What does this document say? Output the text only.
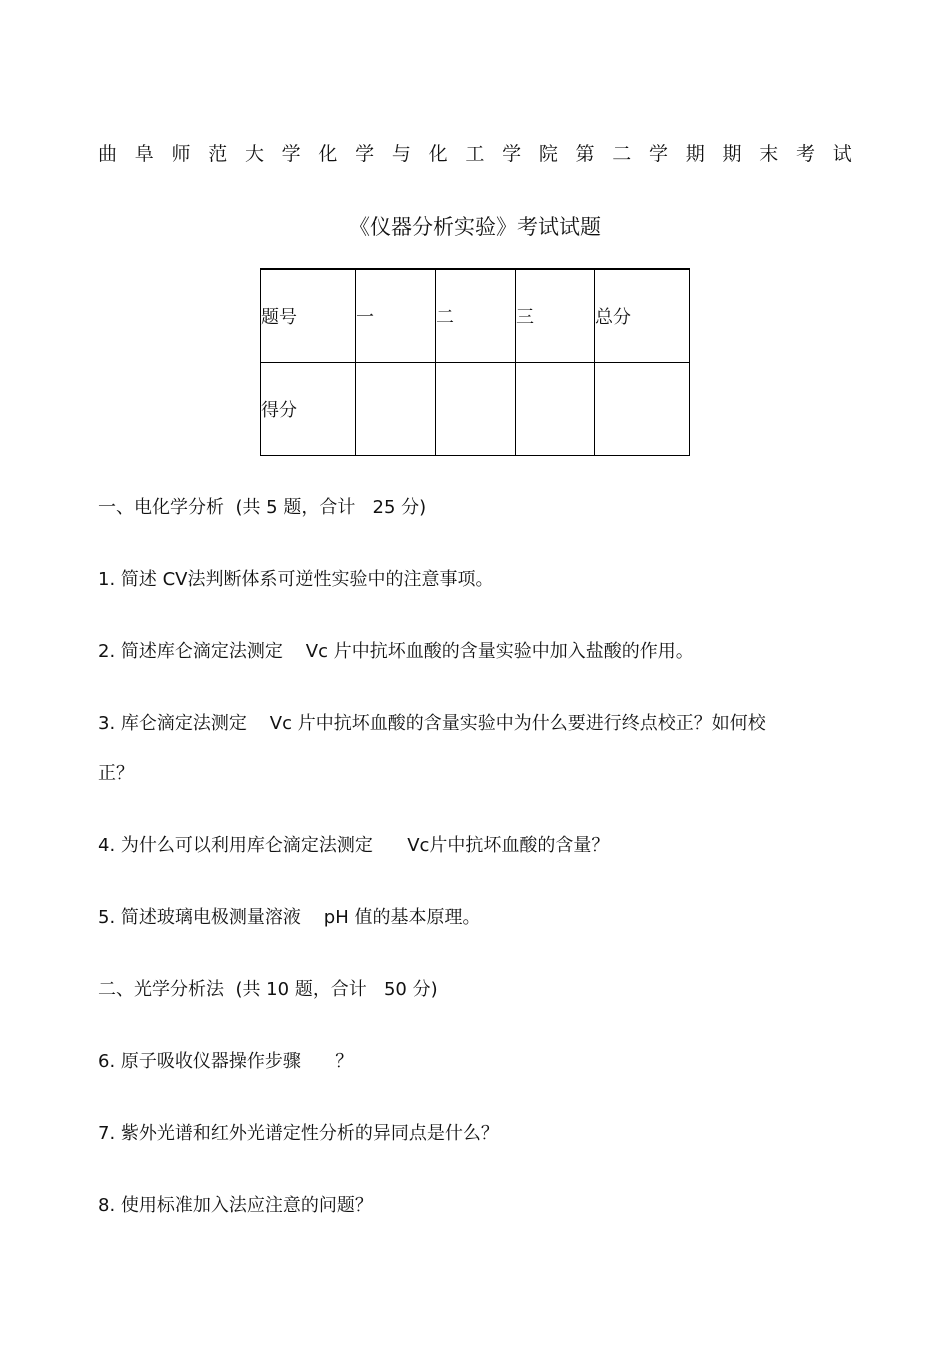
曲 阜 师 范 大 学 化 学 与 化 工 学 院 第 二 学 期 期 末 考 试
《仪器分析实验》考试试题
题号	一	二	三	总分
得分				
一、电化学分析  (共 5 题，合计   25 分)
1. 简述 CV法判断体系可逆性实验中的注意事项。
2. 简述库仑滴定法测定    Vc 片中抗坏血酸的含量实验中加入盐酸的作用。
3. 库仑滴定法测定    Vc 片中抗坏血酸的含量实验中为什么要进行终点校正？如何校
正？
4. 为什么可以利用库仑滴定法测定      Vc片中抗坏血酸的含量？
5. 简述玻璃电极测量溶液    pH 值的基本原理。
二、光学分析法  (共 10 题，合计   50 分)
6. 原子吸收仪器操作步骤      ？
7. 紫外光谱和红外光谱定性分析的异同点是什么？
8. 使用标准加入法应注意的问题？
